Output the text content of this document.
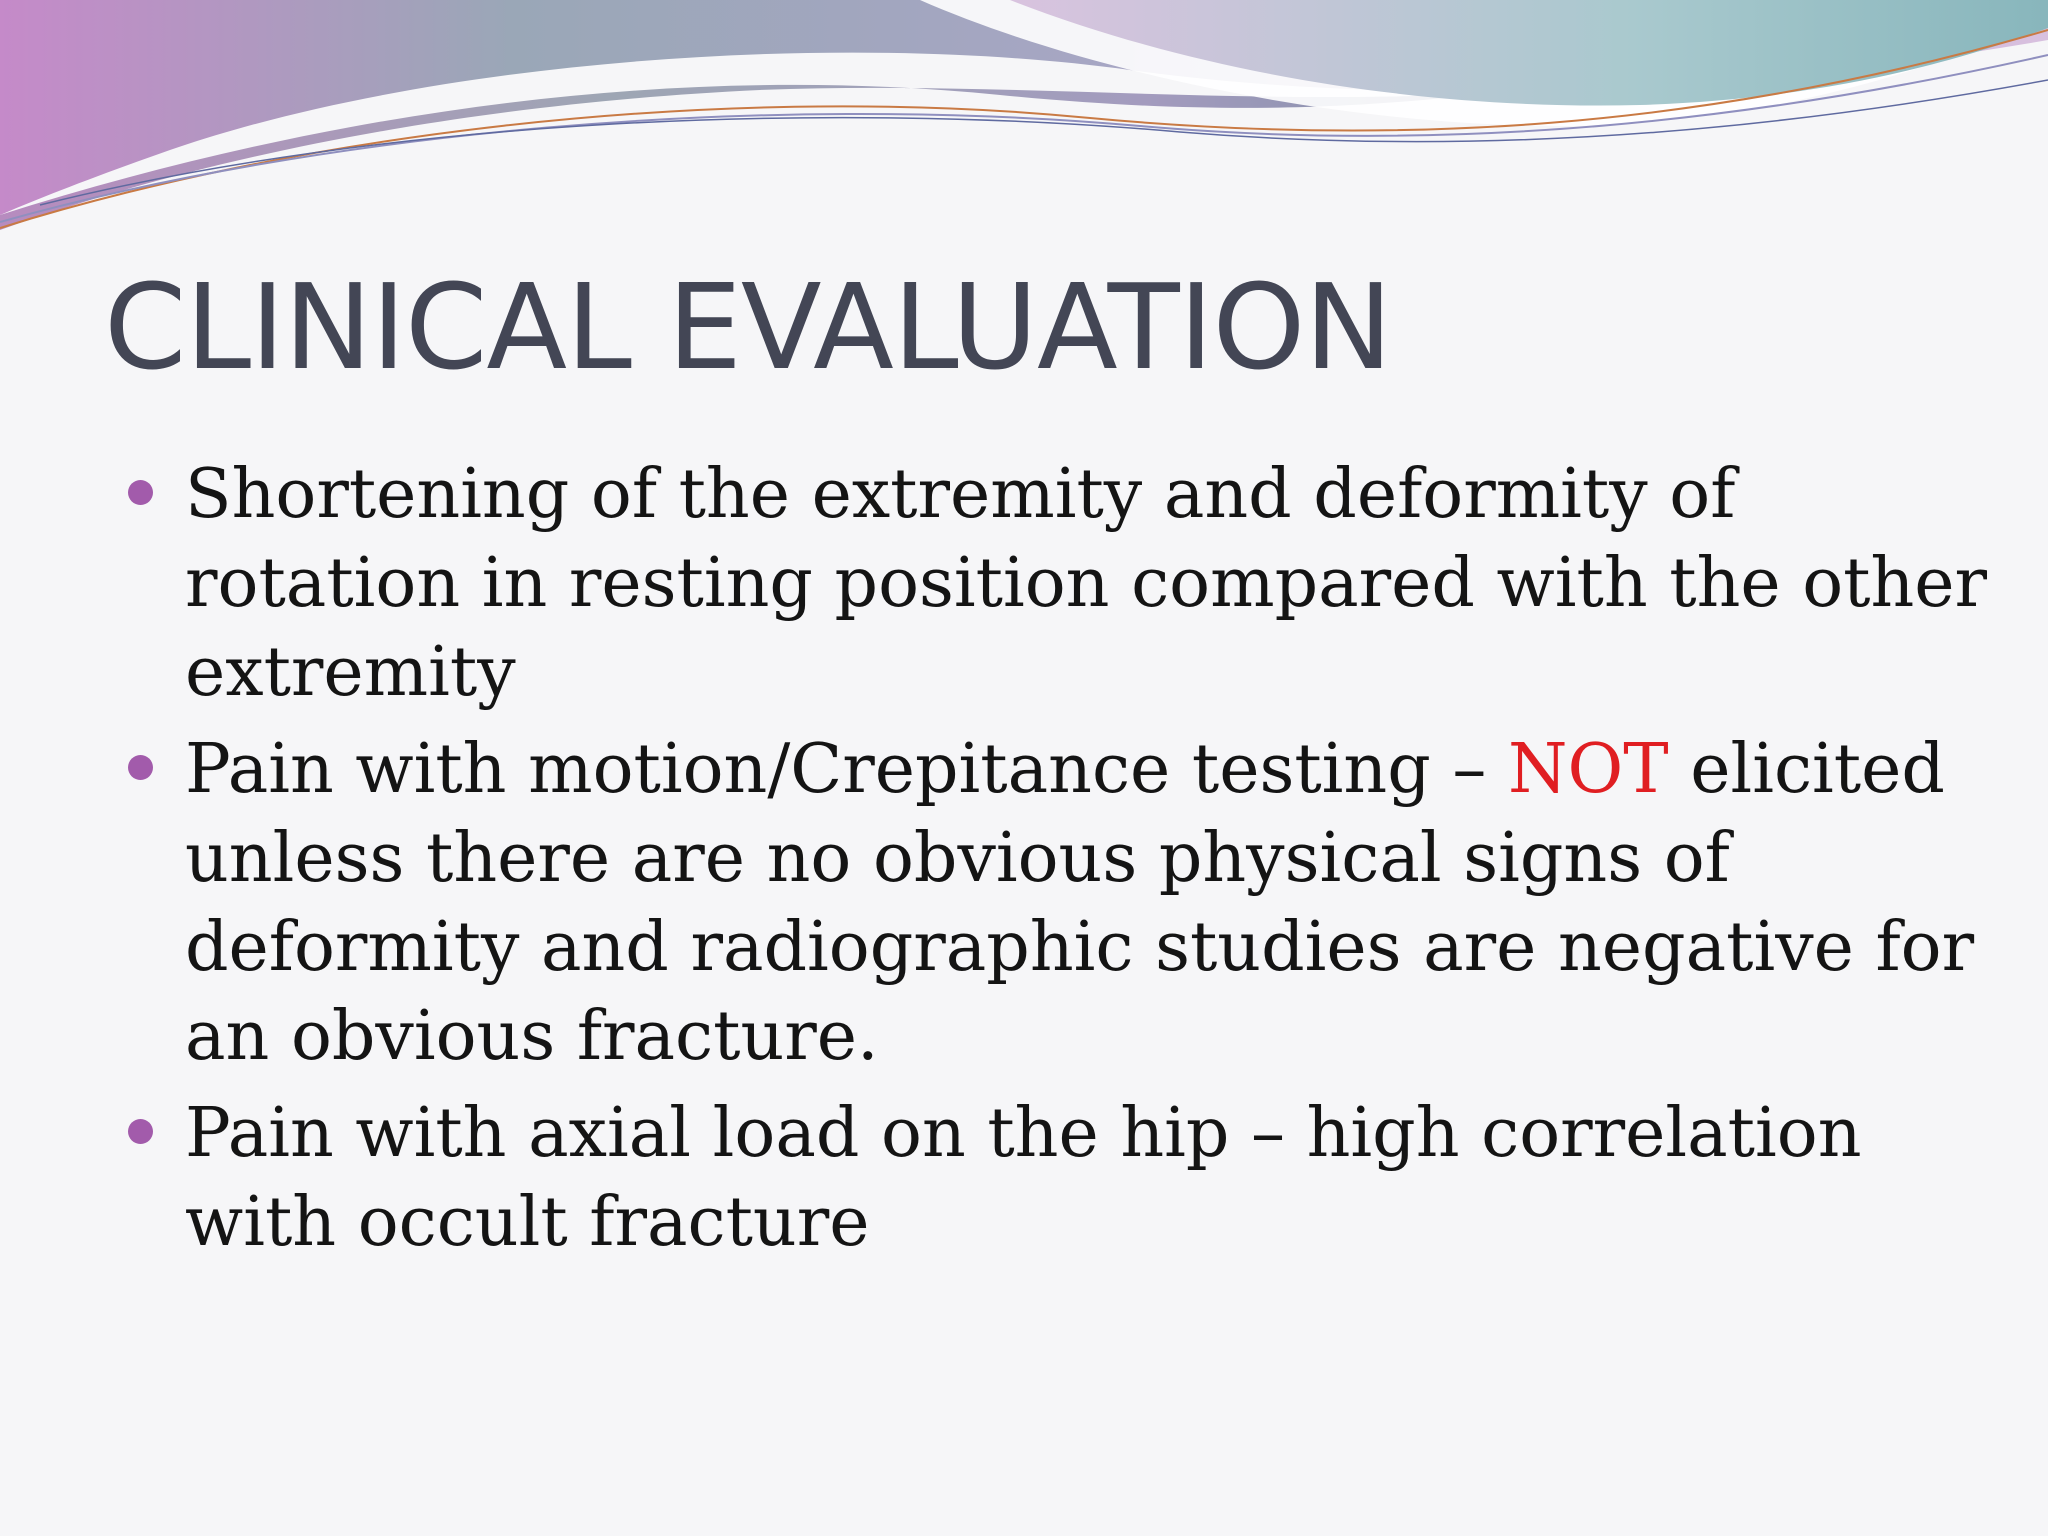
CLINICAL EVALUATION
Shortening of the extremity and deformity of rotation in resting position compared with the other extremity
Pain with motion/Crepitance testing – NOT elicited unless there are no obvious physical signs of deformity and radiographic studies are negative for an obvious fracture.
Pain with axial load on the hip – high correlation with occult fracture
